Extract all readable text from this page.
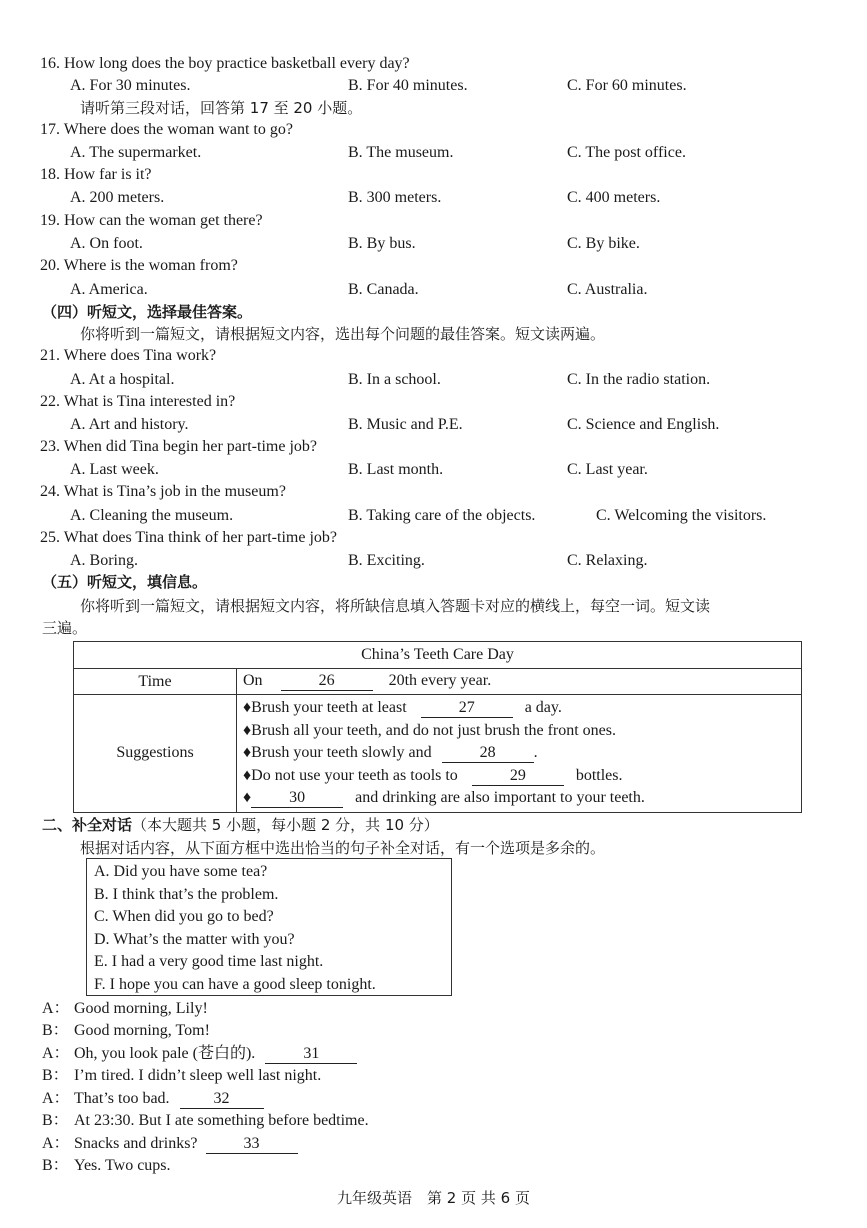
16. How long does the boy practice basketball every day?
A. For 30 minutes.	B. For 40 minutes.	C. For 60 minutes.
请听第三段对话，回答第 17 至 20 小题。
17. Where does the woman want to go?
A. The supermarket.	B. The museum.	C. The post office.
18. How far is it?
A. 200 meters.	B. 300 meters.	C. 400 meters.
19. How can the woman get there?
A. On foot.	B. By bus.	C. By bike.
20. Where is the woman from?
A. America.	B. Canada.	C. Australia.
（四）听短文，选择最佳答案。
你将听到一篇短文，请根据短文内容，选出每个问题的最佳答案。短文读两遍。
21. Where does Tina work?
A. At a hospital.	B. In a school.	C. In the radio station.
22. What is Tina interested in?
A. Art and history.	B. Music and P.E.	C. Science and English.
23. When did Tina begin her part-time job?
A. Last week.	B. Last month.	C. Last year.
24. What is Tina’s job in the museum?
A. Cleaning the museum.	B. Taking care of the objects.	C. Welcoming the visitors.
25. What does Tina think of her part-time job?
A. Boring.	B. Exciting.	C. Relaxing.
（五）听短文，填信息。
你将听到一篇短文，请根据短文内容，将所缺信息填入答题卡对应的横线上，每空一词。短文读
三遍。
China’s Teeth Care Day	
Time	On 26 20th every year.
Suggestions	♦Brush your teeth at least 27 a day.
♦Brush all your teeth, and do not just brush the front ones.
♦Brush your teeth slowly and 28 .
♦Do not use your teeth as tools to 29 bottles.
♦ 30 and drinking are also important to your teeth.
二、补全对话（本大题共 5 小题，每小题 2 分，共 10 分）
根据对话内容，从下面方框中选出恰当的句子补全对话，有一个选项是多余的。
A. Did you have some tea?
B. I think that’s the problem.
C. When did you go to bed?
D. What’s the matter with you?
E. I had a very good time last night.
F. I hope you can have a good sleep tonight.
A： Good morning, Lily!
B： Good morning, Tom!
A： Oh, you look pale (苍白的).	31
B： I’m tired. I didn’t sleep well last night.
A： That’s too bad.	32
B： At 23:30. But I ate something before bedtime.
A： Snacks and drinks?	33
B： Yes. Two cups.
九年级英语　第 2 页 共 6 页
